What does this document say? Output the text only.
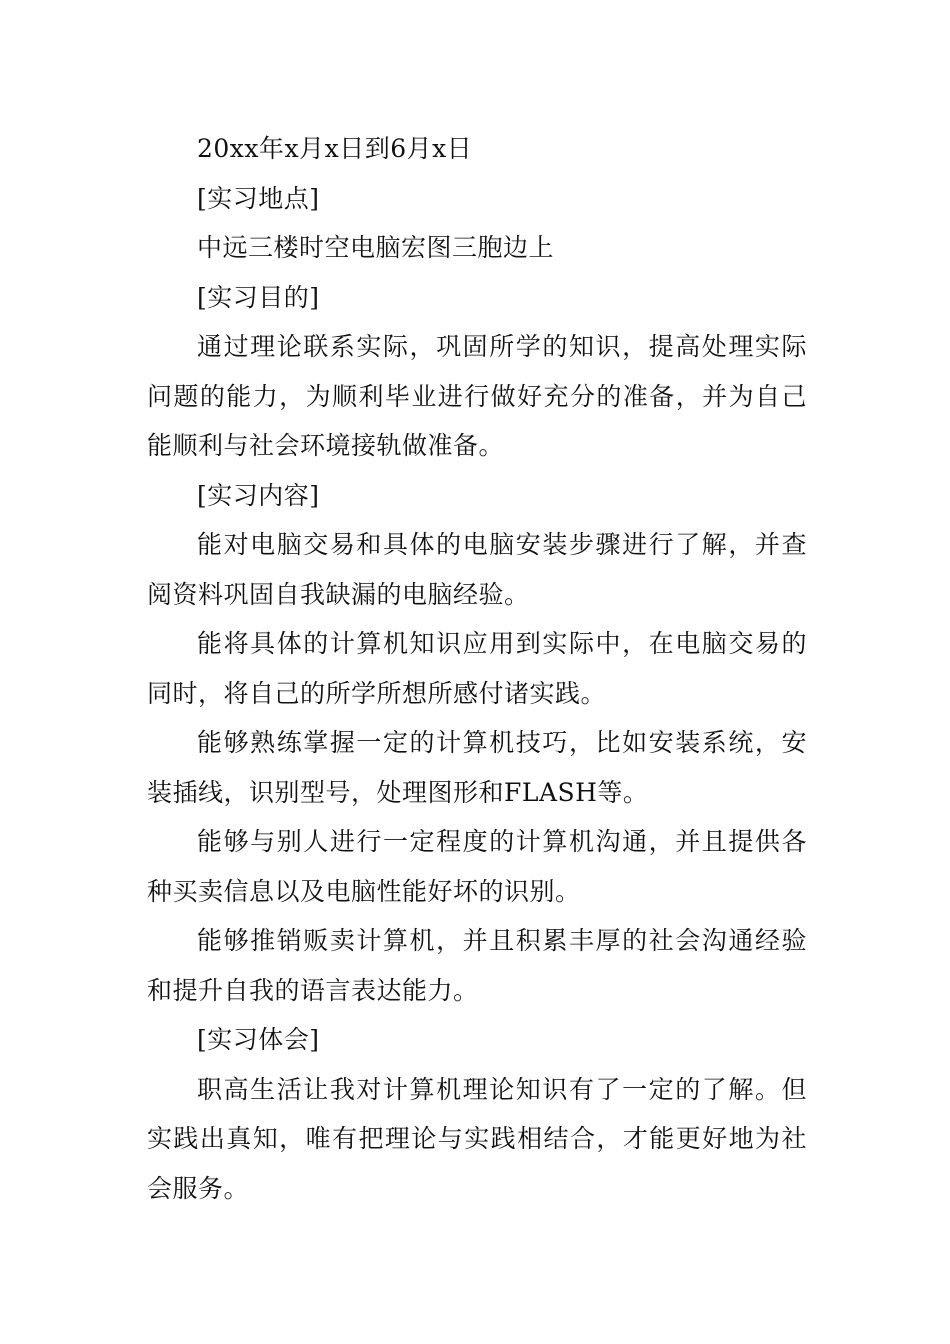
20xx年x月x日到6月x日

[实习地点]

中远三楼时空电脑宏图三胞边上

[实习目的]

通过理论联系实际，巩固所学的知识，提高处理实际问题的能力，为顺利毕业进行做好充分的准备，并为自己能顺利与社会环境接轨做准备。

[实习内容]

能对电脑交易和具体的电脑安装步骤进行了解，并查阅资料巩固自我缺漏的电脑经验。

能将具体的计算机知识应用到实际中，在电脑交易的同时，将自己的所学所想所感付诸实践。

能够熟练掌握一定的计算机技巧，比如安装系统，安装插线，识别型号，处理图形和FLASH等。

能够与别人进行一定程度的计算机沟通，并且提供各种买卖信息以及电脑性能好坏的识别。

能够推销贩卖计算机，并且积累丰厚的社会沟通经验和提升自我的语言表达能力。

[实习体会]

职高生活让我对计算机理论知识有了一定的了解。但实践出真知，唯有把理论与实践相结合，才能更好地为社会服务。
